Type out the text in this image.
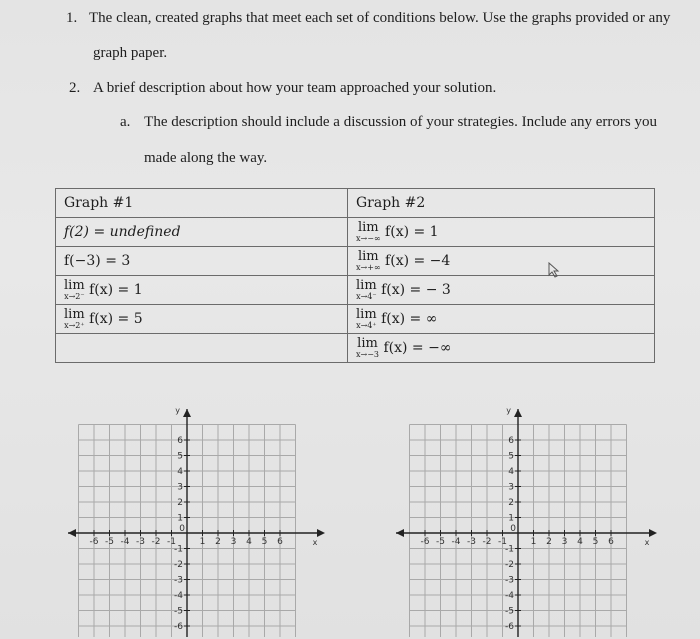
1. The clean, created graphs that meet each set of conditions below. Use the graphs provided or any
graph paper.
2. A brief description about how your team approached your solution.
a. The description should include a discussion of your strategies. Include any errors you
made along the way.
Graph #1	Graph #2
f(2) = undefined	lim
x→−∞ f(x) = 1
f(−3) = 3	lim
x→+∞ f(x) = −4

lim
x→2⁻ f(x) = 1	lim
x→4⁻ f(x) = − 3

lim
x→2⁺ f(x) = 5	lim
x→4⁺ f(x) = ∞

	lim
x→−3 f(x) = −∞
y
x
0
-6 -5 -4 -3 -2 -1	1 2 3 4 5 6
6
5
4
3
2
1
-1
-2
-3
-4
-5
-6
y
x
0
-6 -5 -4 -3 -2 -1	1 2 3 4 5 6
6
5
4
3
2
1
-1
-2
-3
-4
-5
-6
